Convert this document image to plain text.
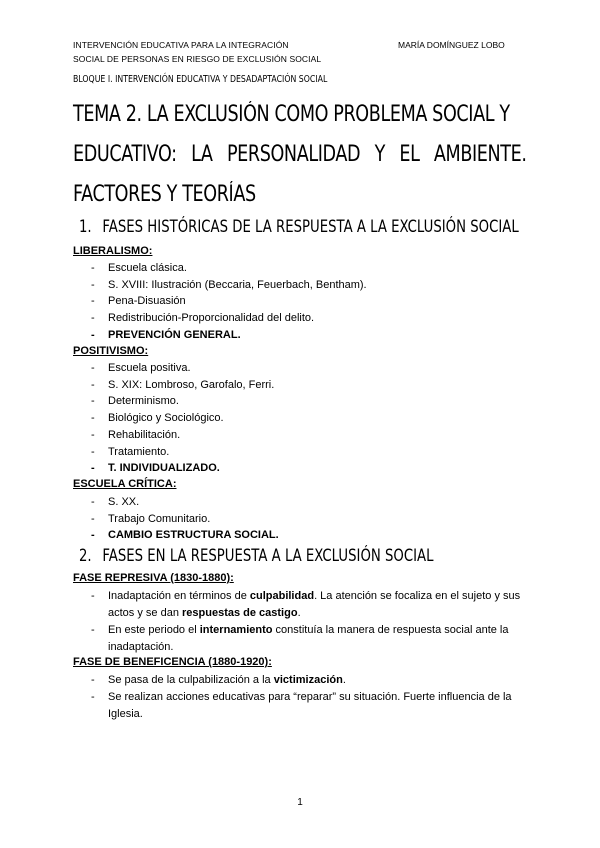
INTERVENCIÓN EDUCATIVA PARA LA INTEGRACIÓN
SOCIAL DE PERSONAS EN RIESGO DE EXCLUSIÓN SOCIAL
MARÍA DOMÍNGUEZ LOBO
BLOQUE I. INTERVENCIÓN EDUCATIVA Y DESADAPTACIÓN SOCIAL
TEMA 2. LA EXCLUSIÓN COMO PROBLEMA SOCIAL Y
EDUCATIVO: LA PERSONALIDAD Y EL AMBIENTE.
FACTORES Y TEORÍAS
1. FASES HISTÓRICAS DE LA RESPUESTA A LA EXCLUSIÓN SOCIAL
LIBERALISMO:
- Escuela clásica.
- S. XVIII: Ilustración (Beccaria, Feuerbach, Bentham).
- Pena-Disuasión
- Redistribución-Proporcionalidad del delito.
- PREVENCIÓN GENERAL.
POSITIVISMO:
- Escuela positiva.
- S. XIX: Lombroso, Garofalo, Ferri.
- Determinismo.
- Biológico y Sociológico.
- Rehabilitación.
- Tratamiento.
- T. INDIVIDUALIZADO.
ESCUELA CRÍTICA:
- S. XX.
- Trabajo Comunitario.
- CAMBIO ESTRUCTURA SOCIAL.
2. FASES EN LA RESPUESTA A LA EXCLUSIÓN SOCIAL
FASE REPRESIVA (1830-1880):
- Inadaptación en términos de culpabilidad. La atención se focaliza en el sujeto y sus actos y se dan respuestas de castigo.
- En este periodo el internamiento constituía la manera de respuesta social ante la inadaptación.
FASE DE BENEFICENCIA (1880-1920):
- Se pasa de la culpabilización a la victimización.
- Se realizan acciones educativas para “reparar” su situación. Fuerte influencia de la Iglesia.
1
